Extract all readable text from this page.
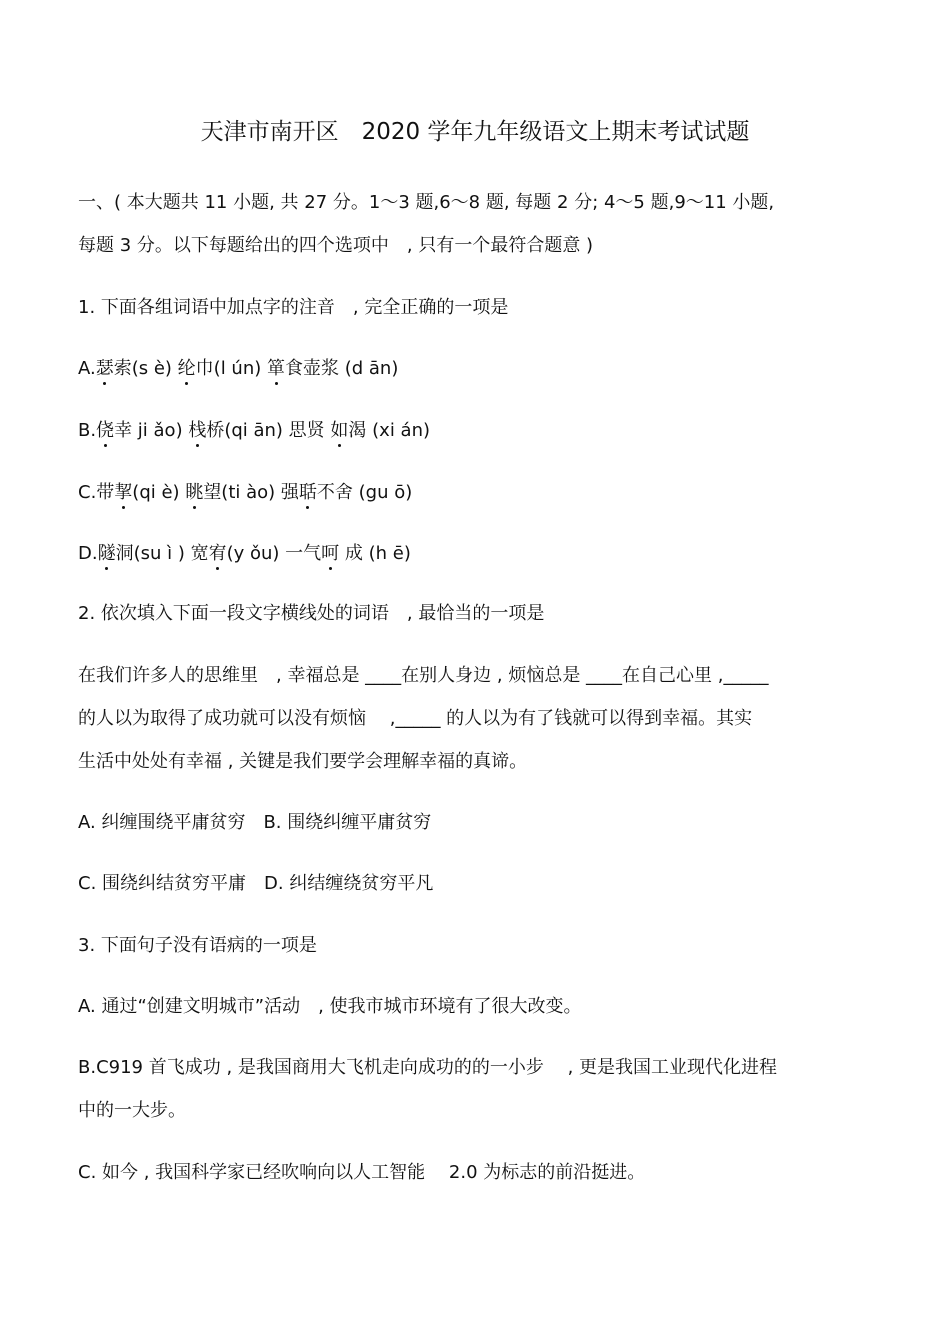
天津市南开区　2020 学年九年级语文上期末考试试题
一、( 本大题共 11 小题, 共 27 分。1～3 题,6～8 题, 每题 2 分; 4～5 题,9～11 小题,
每题 3 分。以下每题给出的四个选项中　, 只有一个最符合题意 )
1. 下面各组词语中加点字的注音　, 完全正确的一项是
A.瑟索(s è) 纶巾(l ún) 箪食壶浆 (d ān)
B.侥幸 ji ǎo) 栈桥(qi ān) 思贤 如渴 (xi án)
C.带挈(qi è) 眺望(ti ào) 强聒不舍 (gu ō)
D.隧洞(su ì ) 宽宥(y ǒu) 一气呵 成 (h ē)
2. 依次填入下面一段文字横线处的词语　, 最恰当的一项是
在我们许多人的思维里　, 幸福总是 ____在别人身边 , 烦恼总是 ____在自己心里 ,_____
的人以为取得了成功就可以没有烦恼　 ,_____ 的人以为有了钱就可以得到幸福。其实
生活中处处有幸福 , 关键是我们要学会理解幸福的真谛。
A. 纠缠围绕平庸贫穷　B. 围绕纠缠平庸贫穷
C. 围绕纠结贫穷平庸　D. 纠结缠绕贫穷平凡
3. 下面句子没有语病的一项是
A. 通过“创建文明城市”活动　, 使我市城市环境有了很大改变。
B.C919 首飞成功 , 是我国商用大飞机走向成功的的一小步　 , 更是我国工业现代化进程
中的一大步。
C. 如今 , 我国科学家已经吹响向以人工智能　 2.0 为标志的前沿挺进。
